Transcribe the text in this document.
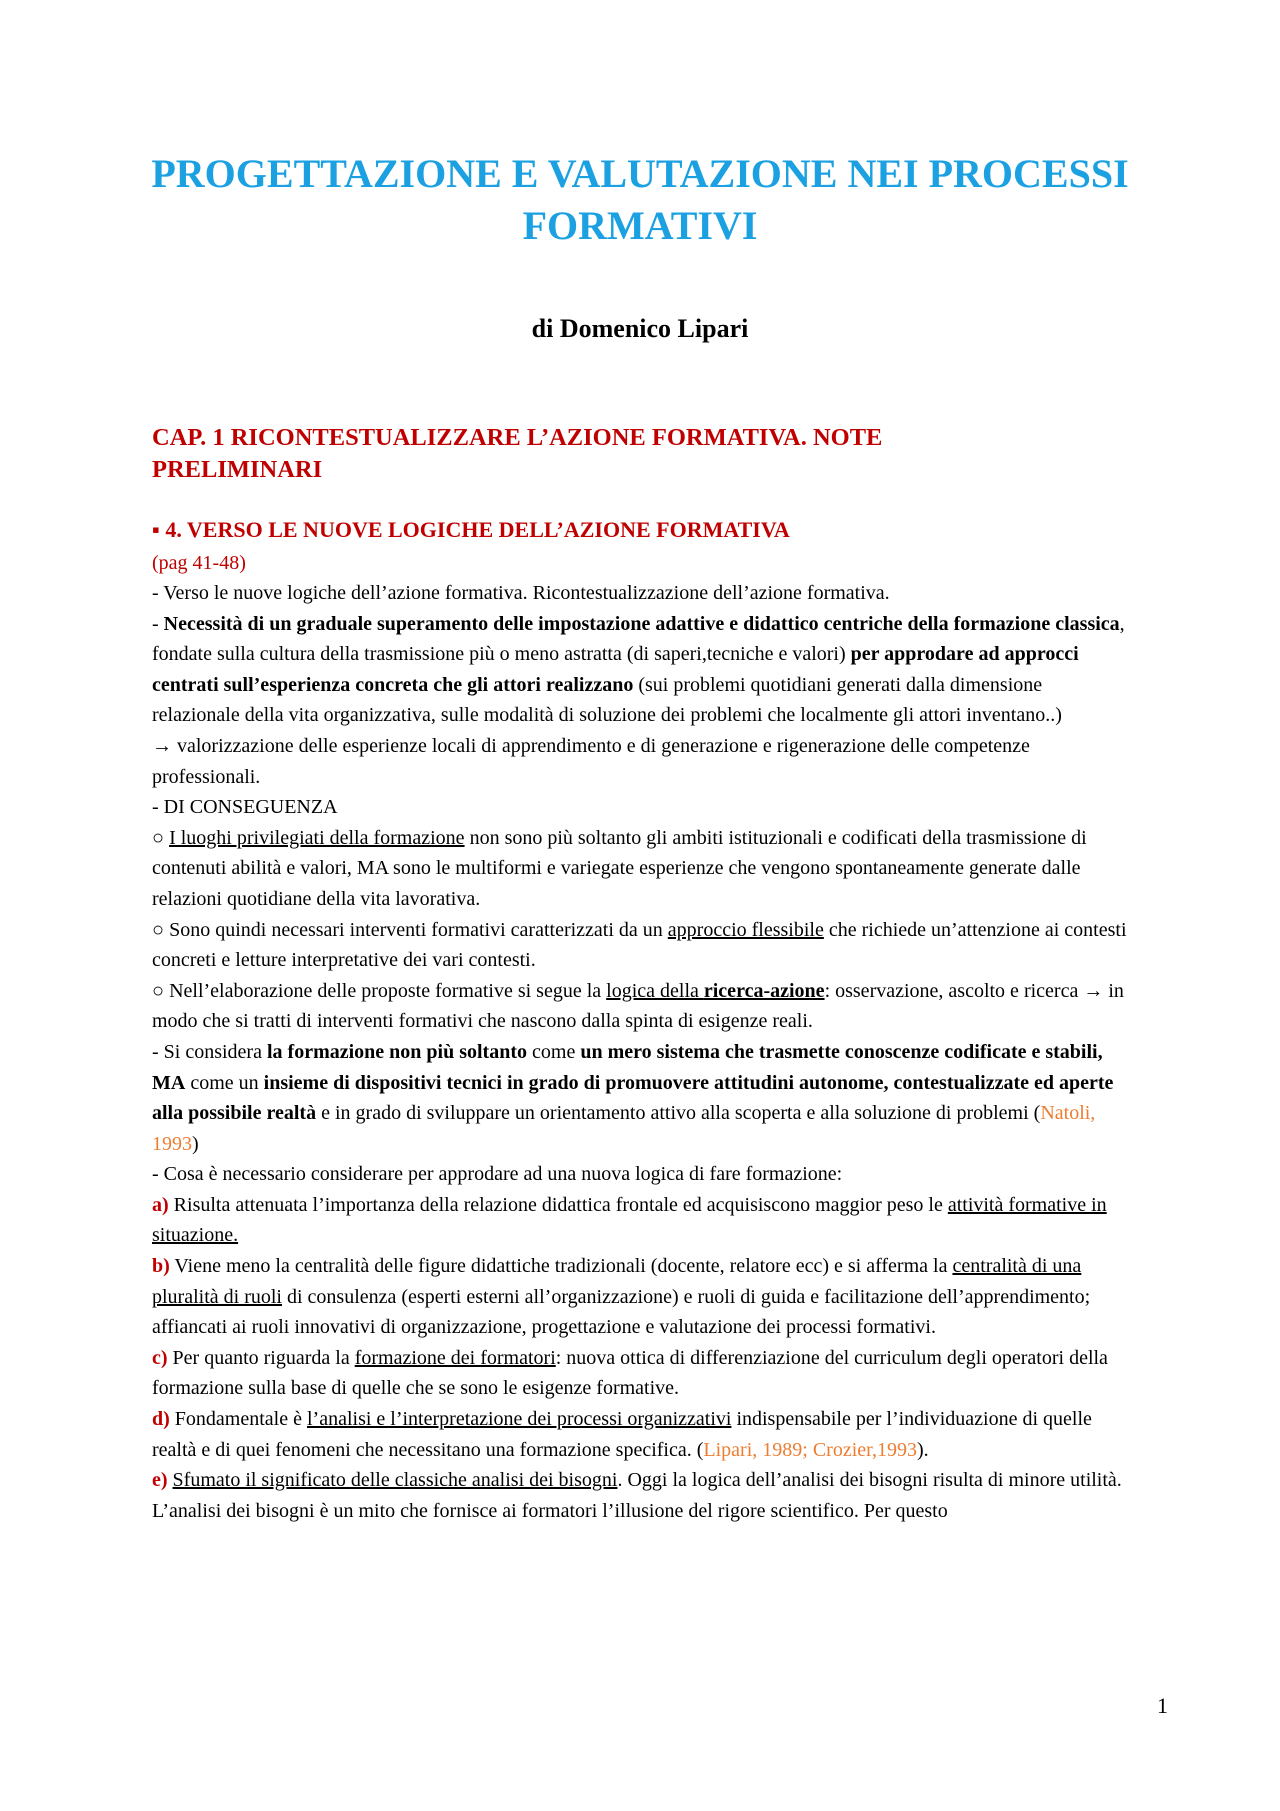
PROGETTAZIONE E VALUTAZIONE NEI PROCESSI FORMATIVI
di Domenico Lipari
CAP. 1 RICONTESTUALIZZARE L’AZIONE FORMATIVA. NOTE PRELIMINARI
▪ 4. VERSO LE NUOVE LOGICHE DELL’AZIONE FORMATIVA
(pag 41-48)

- Verso le nuove logiche dell’azione formativa. Ricontestualizzazione dell’azione formativa.

- Necessità di un graduale superamento delle impostazione adattive e didattico centriche della formazione classica, fondate sulla cultura della trasmissione più o meno astratta (di saperi,tecniche e valori) per approdare ad approcci centrati sull’esperienza concreta che gli attori realizzano (sui problemi quotidiani generati dalla dimensione relazionale della vita organizzativa, sulle modalità di soluzione dei problemi che localmente gli attori inventano..)

→ valorizzazione delle esperienze locali di apprendimento e di generazione e rigenerazione delle competenze professionali.

- DI CONSEGUENZA

○ I luoghi privilegiati della formazione non sono più soltanto gli ambiti istituzionali e codificati della trasmissione di contenuti abilità e valori, MA sono le multiformi e variegate esperienze che vengono spontaneamente generate dalle relazioni quotidiane della vita lavorativa.

○ Sono quindi necessari interventi formativi caratterizzati da un approccio flessibile che richiede un’attenzione ai contesti concreti e letture interpretative dei vari contesti.

○ Nell’elaborazione delle proposte formative si segue la logica della ricerca-azione: osservazione, ascolto e ricerca → in modo che si tratti di interventi formativi che nascono dalla spinta di esigenze reali.

- Si considera la formazione non più soltanto come un mero sistema che trasmette conoscenze codificate e stabili, MA come un insieme di dispositivi tecnici in grado di promuovere attitudini autonome, contestualizzate ed aperte alla possibile realtà e in grado di sviluppare un orientamento attivo alla scoperta e alla soluzione di problemi (Natoli, 1993)

- Cosa è necessario considerare per approdare ad una nuova logica di fare formazione:

a) Risulta attenuata l’importanza della relazione didattica frontale ed acquisiscono maggior peso le attività formative in situazione.

b) Viene meno la centralità delle figure didattiche tradizionali (docente, relatore ecc) e si afferma la centralità di una pluralità di ruoli di consulenza (esperti esterni all’organizzazione) e ruoli di guida e facilitazione dell’apprendimento; affiancati ai ruoli innovativi di organizzazione, progettazione e valutazione dei processi formativi.

c) Per quanto riguarda la formazione dei formatori: nuova ottica di differenziazione del curriculum degli operatori della formazione sulla base di quelle che se sono le esigenze formative.

d) Fondamentale è l’analisi e l’interpretazione dei processi organizzativi indispensabile per l’individuazione di quelle realtà e di quei fenomeni che necessitano una formazione specifica. (Lipari, 1989; Crozier,1993).

e) Sfumato il significato delle classiche analisi dei bisogni. Oggi la logica dell’analisi dei bisogni risulta di minore utilità.

L’analisi dei bisogni è un mito che fornisce ai formatori l’illusione del rigore scientifico. Per questo

1
